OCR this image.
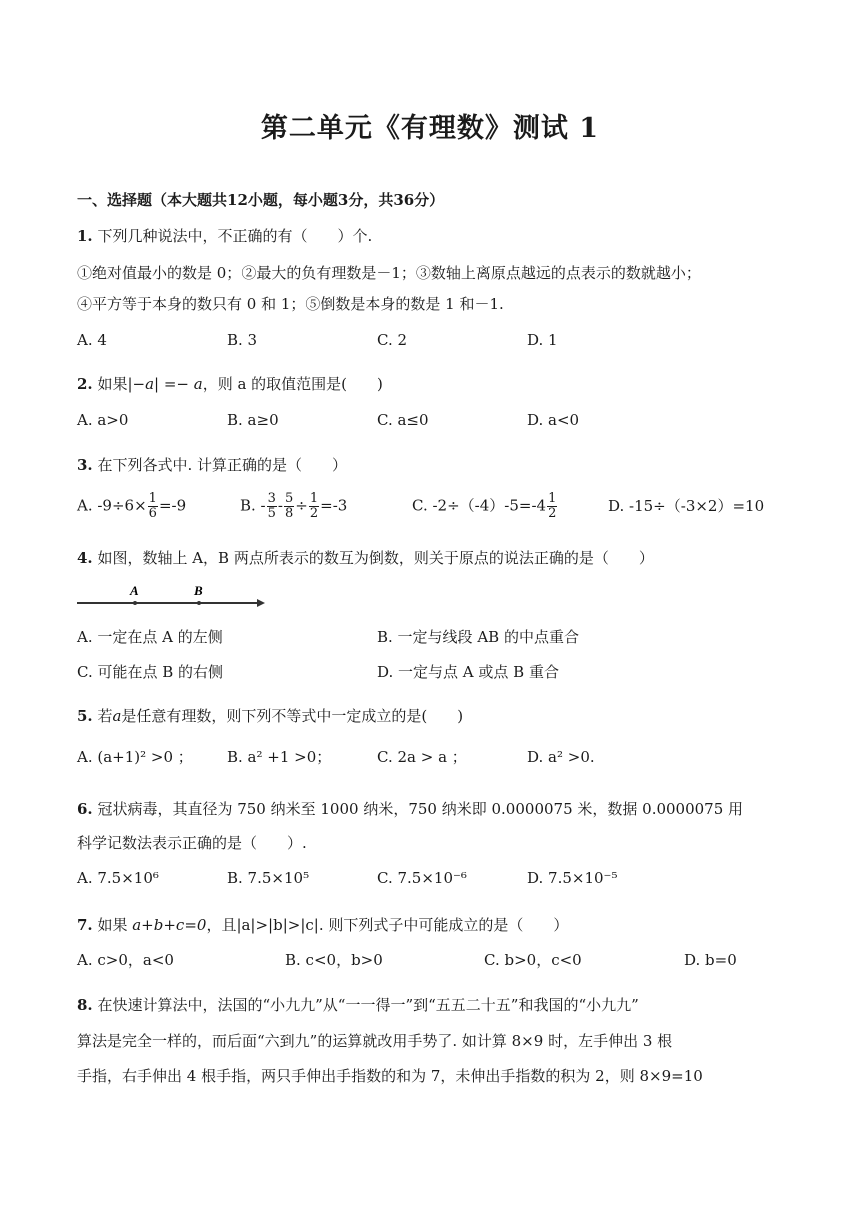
第二单元《有理数》测试 1
一、选择题（本大题共12小题，每小题3分，共36分）
1. 下列几种说法中，不正确的有（　　）个.
①绝对值最小的数是 0；②最大的负有理数是－1；③数轴上离原点越远的点表示的数就越小；
④平方等于本身的数只有 0 和 1；⑤倒数是本身的数是 1 和－1.
A. 4	B. 3	C. 2	D. 1
2. 如果|−a| =− a，则 a 的取值范围是(　　)
A. a>0	B. a≥0	C. a≤0	D. a<0
3. 在下列各式中. 计算正确的是（　　）
A. $-9\div 6\times \frac{1}{6} =-9$	B. - $\frac{3}{5} - \frac{5}{8} \div \frac{1}{2} =-3$	C. $-2\div(-4)-5=-4 \frac{1}{2}$	D. -15÷（-3×2）=10
4. 如图，数轴上 A，B 两点所表示的数互为倒数，则关于原点的说法正确的是（　　）
A	B
A. 一定在点 A 的左侧	B. 一定与线段 AB 的中点重合
C. 可能在点 B 的右侧	D. 一定与点 A 或点 B 重合
5. 若a是任意有理数，则下列不等式中一定成立的是(　　)
A. (a+1)² >0 ； B. a² +1 >0；	C. 2a > a ；	D. a² >0.
6. 冠状病毒，其直径为 750 纳米至 1000 纳米，750 纳米即 0.0000075 米，数据 0.0000075 用
科学记数法表示正确的是（　　）.
A. 7.5×10⁶	B. 7.5×10⁵	C. 7.5×10⁻⁶	D. 7.5×10⁻⁵
7. 如果 a+b+c=0，且|a|>|b|>|c|. 则下列式子中可能成立的是（　　）
A. c>0，a<0	B. c<0，b>0	C. b>0，c<0	D. b=0
8. 在快速计算法中，法国的“小九九”从“一一得一”到“五五二十五”和我国的“小九九”
算法是完全一样的，而后面“六到九”的运算就改用手势了. 如计算 8×9 时，左手伸出 3 根
手指，右手伸出 4 根手指，两只手伸出手指数的和为 7，未伸出手指数的积为 2，则 8×9=10
